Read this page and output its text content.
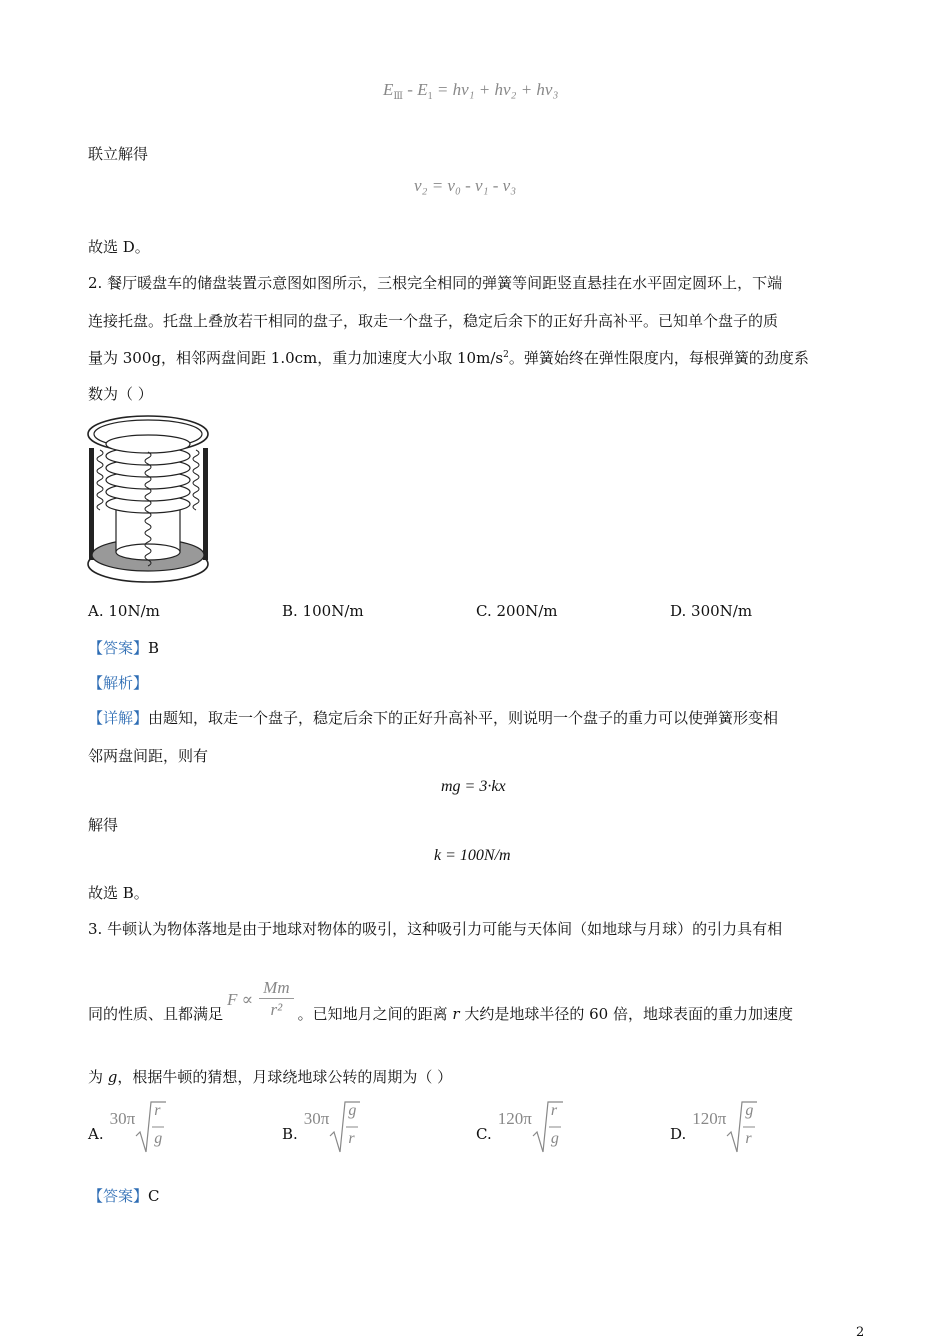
$E_Ⅲ - E_1 = h\nu_1 + h\nu_2 + h\nu_3$
联立解得
ν₂ = ν₀ - ν₁ - ν₃
故选 D。
2. 餐厅暖盘车的储盘装置示意图如图所示，三根完全相同的弹簧等间距竖直悬挂在水平固定圆环上，下端
连接托盘。托盘上叠放若干相同的盘子，取走一个盘子，稳定后余下的正好升高补平。已知单个盘子的质
量为 300g，相邻两盘间距 1.0cm，重力加速度大小取 $10m/s^2$。弹簧始终在弹性限度内，每根弹簧的劲度系
数为（ ）
A. 10N/m	B. 100N/m	C. 200N/m	D. 300N/m
【答案】B
【解析】
【详解】由题知，取走一个盘子，稳定后余下的正好升高补平，则说明一个盘子的重力可以使弹簧形变相
邻两盘间距，则有
mg = 3·kx
解得
k = 100N/m
故选 B。
3. 牛顿认为物体落地是由于地球对物体的吸引，这种吸引力可能与天体间（如地球与月球）的引力具有相
同的性质、且都满足
$F \propto \frac{Mm}{\text{r²}}$ 。已知地月之间的距离 r 大约是地球半径的 60 倍，地球表面的重力加速度
为 g，根据牛顿的猜想，月球绕地球公转的周期为（ ）
A.
30π r
g	B.
30π g
r	C.
120π r
g	D.
120π g
r
【答案】C
2
